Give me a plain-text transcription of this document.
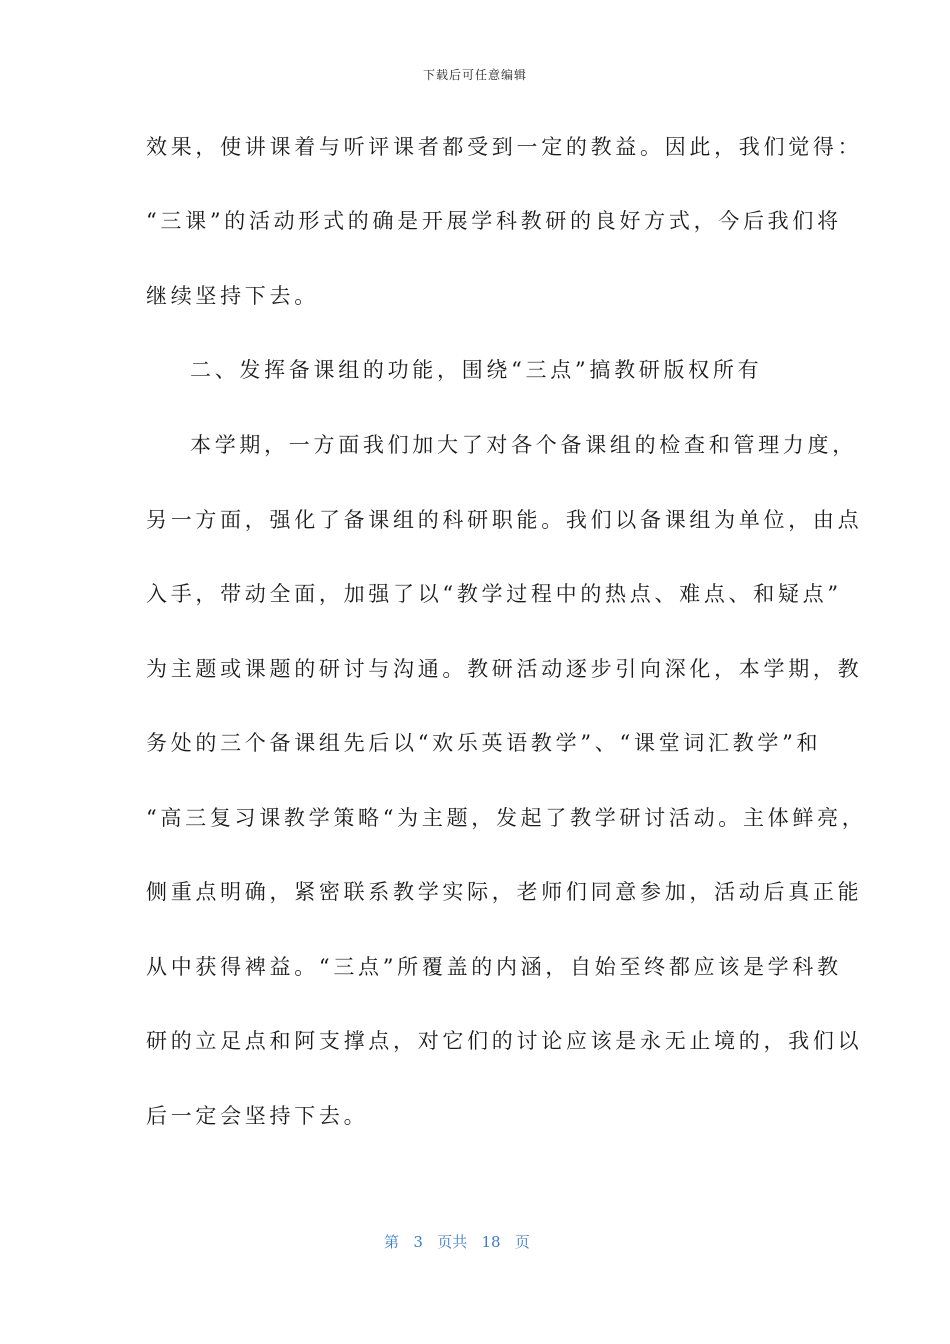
下载后可任意编辑
效果，使讲课着与听评课者都受到一定的教益。因此，我们觉得：
“三课”的活动形式的确是开展学科教研的良好方式，今后我们将
继续坚持下去。
二、发挥备课组的功能，围绕“三点”搞教研版权所有
本学期，一方面我们加大了对各个备课组的检查和管理力度，
另一方面，强化了备课组的科研职能。我们以备课组为单位，由点
入手，带动全面，加强了以“教学过程中的热点、难点、和疑点”
为主题或课题的研讨与沟通。教研活动逐步引向深化，本学期，教
务处的三个备课组先后以“欢乐英语教学”、“课堂词汇教学”和
“高三复习课教学策略“为主题，发起了教学研讨活动。主体鲜亮，
侧重点明确，紧密联系教学实际，老师们同意参加，活动后真正能
从中获得裨益。“三点”所覆盖的内涵，自始至终都应该是学科教
研的立足点和阿支撑点，对它们的讨论应该是永无止境的，我们以
后一定会坚持下去。
第 3 页共 18 页
